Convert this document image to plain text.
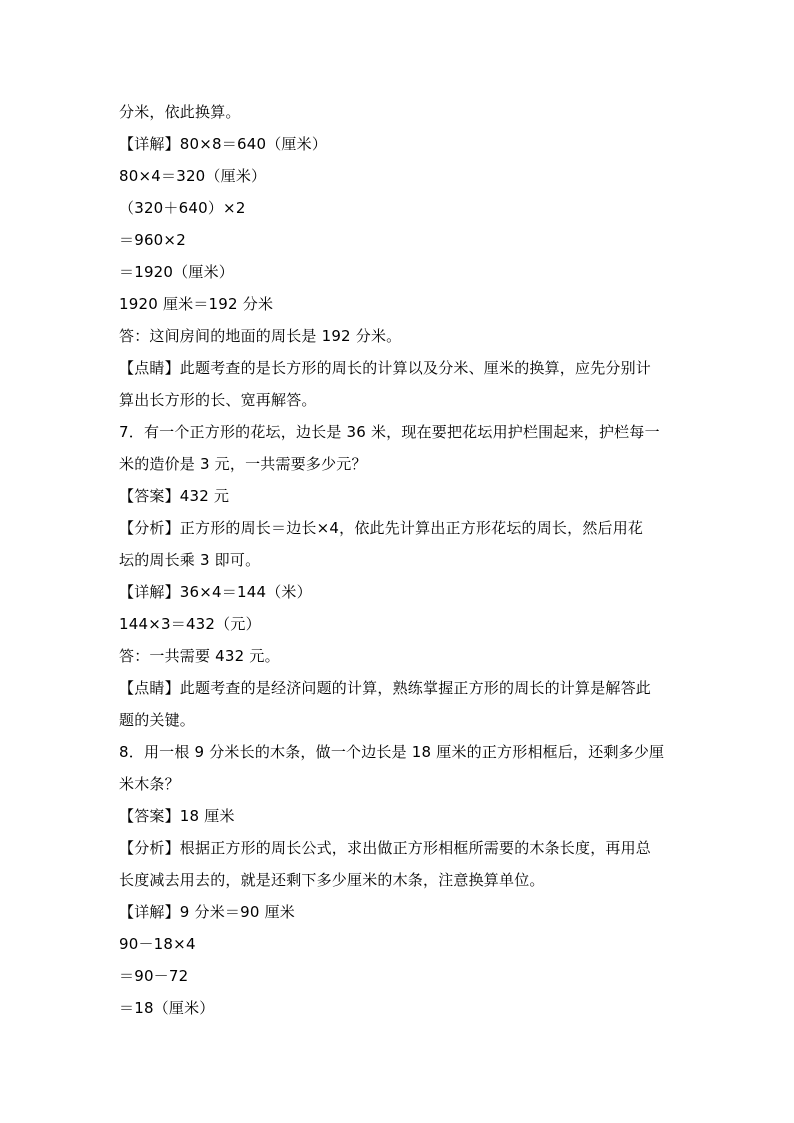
分米，依此换算。
【详解】80×8＝640（厘米）
80×4＝320（厘米）
（320＋640）×2
＝960×2
＝1920（厘米）
1920 厘米＝192 分米
答：这间房间的地面的周长是 192 分米。
【点睛】此题考查的是长方形的周长的计算以及分米、厘米的换算，应先分别计
算出长方形的长、宽再解答。
7．有一个正方形的花坛，边长是 36 米，现在要把花坛用护栏围起来，护栏每一
米的造价是 3 元，一共需要多少元？
【答案】432 元
【分析】正方形的周长＝边长×4，依此先计算出正方形花坛的周长，然后用花
坛的周长乘 3 即可。
【详解】36×4＝144（米）
144×3＝432（元）
答：一共需要 432 元。
【点睛】此题考查的是经济问题的计算，熟练掌握正方形的周长的计算是解答此
题的关键。
8．用一根 9 分米长的木条，做一个边长是 18 厘米的正方形相框后，还剩多少厘
米木条？
【答案】18 厘米
【分析】根据正方形的周长公式，求出做正方形相框所需要的木条长度，再用总
长度减去用去的，就是还剩下多少厘米的木条，注意换算单位。
【详解】9 分米＝90 厘米
90－18×4
＝90－72
＝18（厘米）
